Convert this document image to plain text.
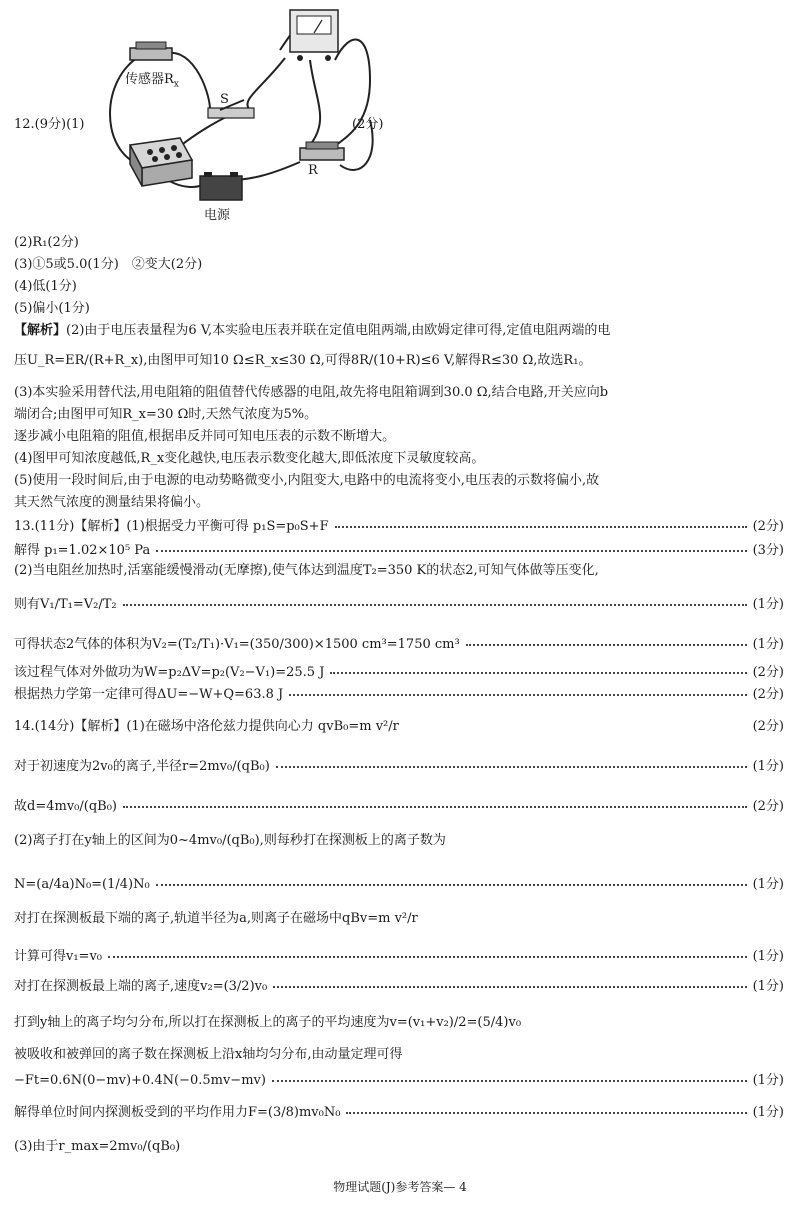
传感器$R_x$
S
R
电源
12.(9分)(1)	(2分)
(2)R₁(2分)
(3)①5或5.0(1分)　②变大(2分)
(4)低(1分)
(5)偏小(1分)
【解析】(2)由于电压表量程为6 V,本实验电压表并联在定值电阻两端,由欧姆定律可得,定值电阻两端的电
压U_R=ER/(R+R_x),由图甲可知10 Ω≤R_x≤30 Ω,可得8R/(10+R)≤6 V,解得R≤30 Ω,故选R₁。
(3)本实验采用替代法,用电阻箱的阻值替代传感器的电阻,故先将电阻箱调到30.0 Ω,结合电路,开关应向b
端闭合;由图甲可知R_x=30 Ω时,天然气浓度为5%。
逐步减小电阻箱的阻值,根据串反并同可知电压表的示数不断增大。
(4)图甲可知浓度越低,R_x变化越快,电压表示数变化越大,即低浓度下灵敏度较高。
(5)使用一段时间后,由于电源的电动势略微变小,内阻变大,电路中的电流将变小,电压表的示数将偏小,故
其天然气浓度的测量结果将偏小。
13.(11分)【解析】(1)根据受力平衡可得 p₁S=p₀S+F	(2分)
解得 p₁=1.02×10⁵ Pa	(3分)
(2)当电阻丝加热时,活塞能缓慢滑动(无摩擦),使气体达到温度T₂=350 K的状态2,可知气体做等压变化,
则有V₁/T₁=V₂/T₂	(1分)
可得状态2气体的体积为V₂=(T₂/T₁)·V₁=(350/300)×1500 cm³=1750 cm³	(1分)
该过程气体对外做功为W=p₂ΔV=p₂(V₂−V₁)=25.5 J	(2分)
根据热力学第一定律可得ΔU=−W+Q=63.8 J	(2分)
14.(14分)【解析】(1)在磁场中洛伦兹力提供向心力 qvB₀=m v²/r	(2分)
对于初速度为2v₀的离子,半径r=2mv₀/(qB₀)	(1分)
故d=4mv₀/(qB₀)	(2分)
(2)离子打在y轴上的区间为0~4mv₀/(qB₀),则每秒打在探测板上的离子数为
N=(a/4a)N₀=(1/4)N₀	(1分)
对打在探测板最下端的离子,轨道半径为a,则离子在磁场中qBv=m v²/r
计算可得v₁=v₀	(1分)
对打在探测板最上端的离子,速度v₂=(3/2)v₀	(1分)
打到y轴上的离子均匀分布,所以打在探测板上的离子的平均速度为v=(v₁+v₂)/2=(5/4)v₀
被吸收和被弹回的离子数在探测板上沿x轴均匀分布,由动量定理可得
−Ft=0.6N(0−mv)+0.4N(−0.5mv−mv)	(1分)
解得单位时间内探测板受到的平均作用力F=(3/8)mv₀N₀	(1分)
(3)由于r_max=2mv₀/(qB₀)
物理试题(J)参考答案— 4
